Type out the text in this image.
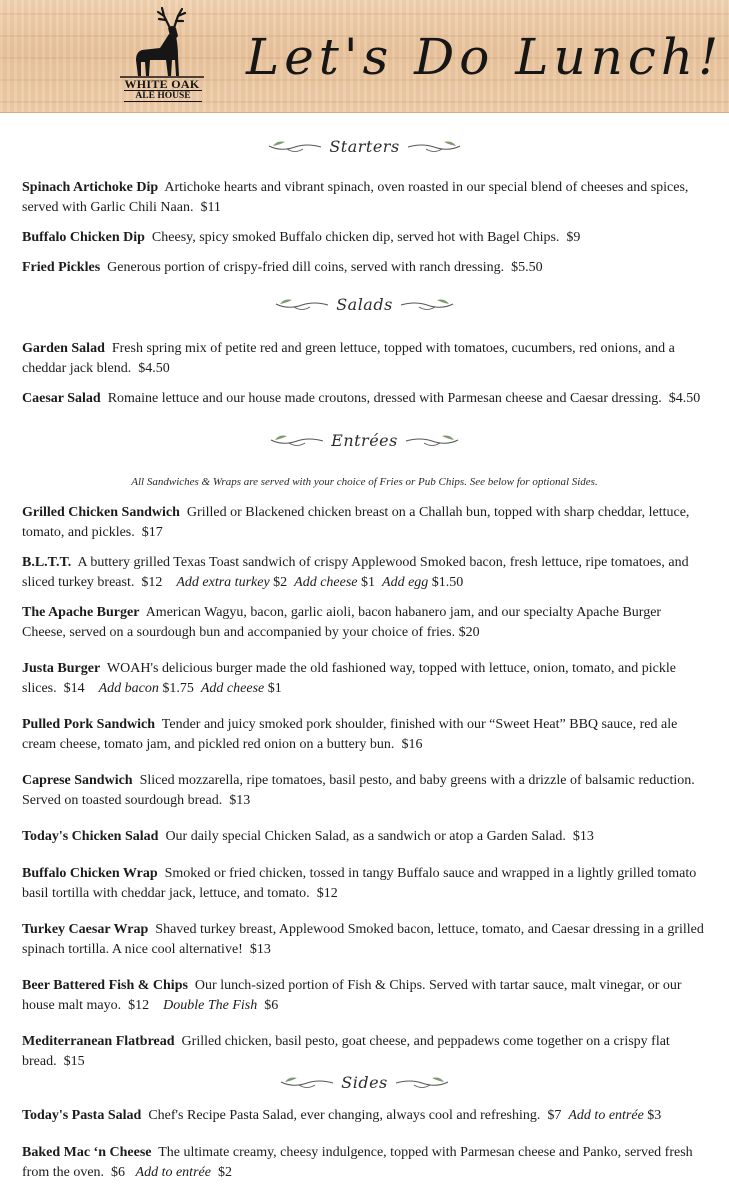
WHITE OAK
ALE HOUSE
Let's Do Lunch!
Starters
Spinach Artichoke Dip Artichoke hearts and vibrant spinach, oven roasted in our special blend of cheeses and spices, served with Garlic Chili Naan. $11
Buffalo Chicken Dip Cheesy, spicy smoked Buffalo chicken dip, served hot with Bagel Chips. $9
Fried Pickles Generous portion of crispy-fried dill coins, served with ranch dressing. $5.50
Salads
Garden Salad Fresh spring mix of petite red and green lettuce, topped with tomatoes, cucumbers, red onions, and a cheddar jack blend. $4.50
Caesar Salad Romaine lettuce and our house made croutons, dressed with Parmesan cheese and Caesar dressing. $4.50
Entrées
All Sandwiches & Wraps are served with your choice of Fries or Pub Chips. See below for optional Sides.
Grilled Chicken Sandwich Grilled or Blackened chicken breast on a Challah bun, topped with sharp cheddar, lettuce, tomato, and pickles. $17
B.L.T.T. A buttery grilled Texas Toast sandwich of crispy Applewood Smoked bacon, fresh lettuce, ripe tomatoes, and sliced turkey breast. $12 Add extra turkey $2 Add cheese $1 Add egg $1.50
The Apache Burger American Wagyu, bacon, garlic aioli, bacon habanero jam, and our specialty Apache Burger Cheese, served on a sourdough bun and accompanied by your choice of fries. $20
Justa Burger WOAH's delicious burger made the old fashioned way, topped with lettuce, onion, tomato, and pickle slices. $14 Add bacon $1.75 Add cheese $1
Pulled Pork Sandwich Tender and juicy smoked pork shoulder, finished with our “Sweet Heat” BBQ sauce, red ale cream cheese, tomato jam, and pickled red onion on a buttery bun. $16
Caprese Sandwich Sliced mozzarella, ripe tomatoes, basil pesto, and baby greens with a drizzle of balsamic reduction. Served on toasted sourdough bread. $13
Today's Chicken Salad Our daily special Chicken Salad, as a sandwich or atop a Garden Salad. $13
Buffalo Chicken Wrap Smoked or fried chicken, tossed in tangy Buffalo sauce and wrapped in a lightly grilled tomato basil tortilla with cheddar jack, lettuce, and tomato. $12
Turkey Caesar Wrap Shaved turkey breast, Applewood Smoked bacon, lettuce, tomato, and Caesar dressing in a grilled spinach tortilla. A nice cool alternative! $13
Beer Battered Fish & Chips Our lunch-sized portion of Fish & Chips. Served with tartar sauce, malt vinegar, or our house malt mayo. $12 Double The Fish $6
Mediterranean Flatbread Grilled chicken, basil pesto, goat cheese, and peppadews come together on a crispy flat bread. $15
Sides
Today's Pasta Salad Chef's Recipe Pasta Salad, ever changing, always cool and refreshing. $7 Add to entrée $3
Baked Mac ‘n Cheese The ultimate creamy, cheesy indulgence, topped with Parmesan cheese and Panko, served fresh from the oven. $6 Add to entrée $2
